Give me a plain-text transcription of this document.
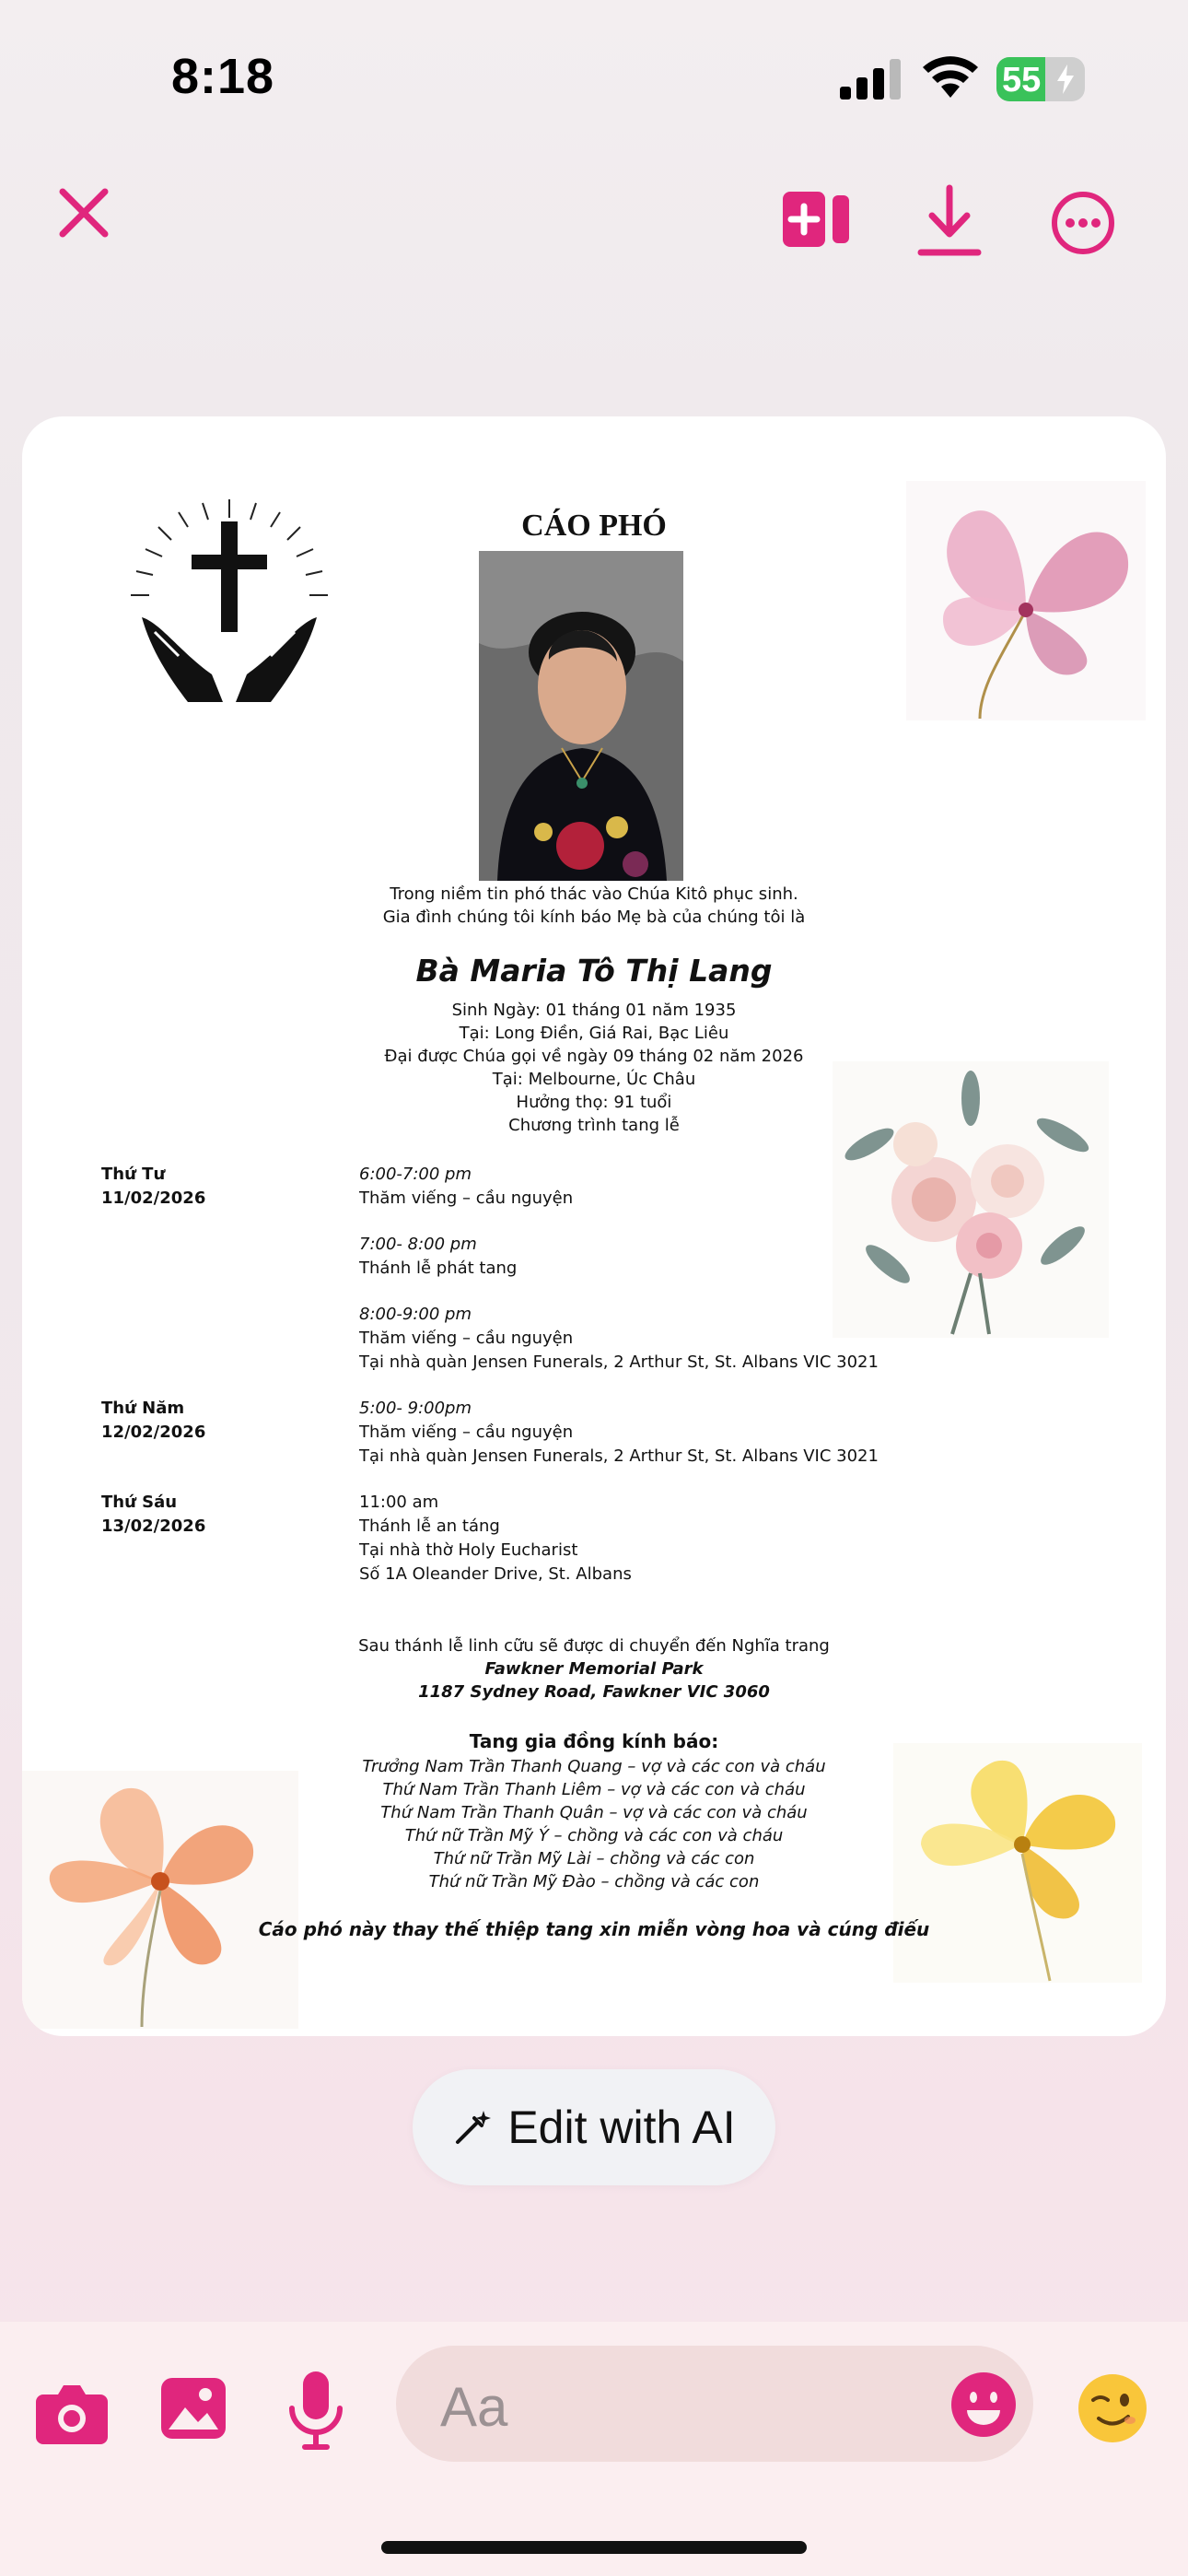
8:18	55
CÁO PHÓ
Trong niềm tin phó thác vào Chúa Kitô phục sinh.
Gia đình chúng tôi kính báo Mẹ bà của chúng tôi là
Bà Maria Tô Thị Lang
Sinh Ngày: 01 tháng 01 năm 1935
Tại: Long Điền, Giá Rai, Bạc Liêu
Đại được Chúa gọi về ngày 09 tháng 02 năm 2026
Tại: Melbourne, Úc Châu
Hưởng thọ: 91 tuổi
Chương trình tang lễ
Thứ Tư
11/02/2026
6:00-7:00 pm
Thăm viếng – cầu nguyện
7:00- 8:00 pm
Thánh lễ phát tang
8:00-9:00 pm
Thăm viếng – cầu nguyện
Tại nhà quàn Jensen Funerals, 2 Arthur St, St. Albans VIC 3021
Thứ Năm
12/02/2026
5:00- 9:00pm
Thăm viếng – cầu nguyện
Tại nhà quàn Jensen Funerals, 2 Arthur St, St. Albans VIC 3021
Thứ Sáu
13/02/2026
11:00 am
Thánh lễ an táng
Tại nhà thờ Holy Eucharist
Số 1A Oleander Drive, St. Albans
Sau thánh lễ linh cữu sẽ được di chuyển đến Nghĩa trang
Fawkner Memorial Park
1187 Sydney Road, Fawkner VIC 3060
Tang gia đồng kính báo:
Trưởng Nam Trần Thanh Quang – vợ và các con và cháu
Thứ Nam Trần Thanh Liêm – vợ và các con và cháu
Thứ Nam Trần Thanh Quân – vợ và các con và cháu
Thứ nữ Trần Mỹ Ý – chồng và các con và cháu
Thứ nữ Trần Mỹ Lài – chồng và các con
Thứ nữ Trần Mỹ Đào – chồng và các con
Cáo phó này thay thế thiệp tang xin miễn vòng hoa và cúng điếu
Edit with AI
Aa
